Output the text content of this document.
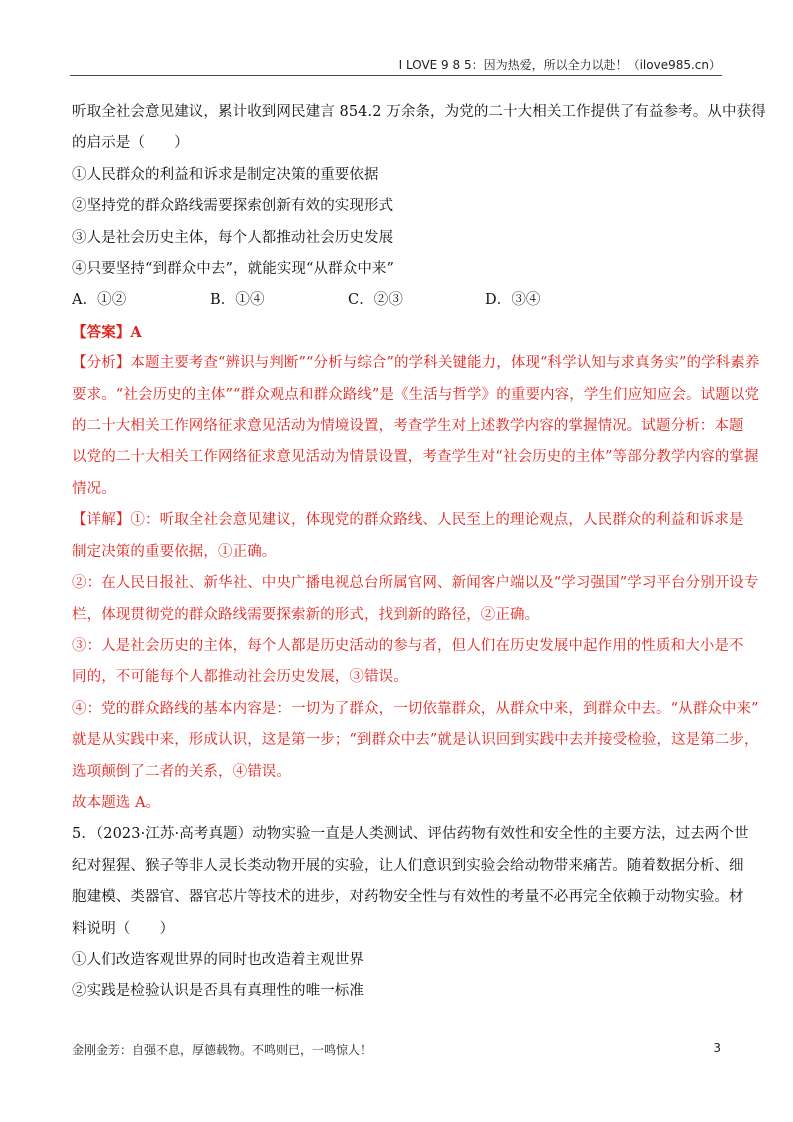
I LOVE 9 8 5：因为热爱，所以全力以赴！（ilove985.cn）
听取全社会意见建议，累计收到网民建言 854.2 万余条，为党的二十大相关工作提供了有益参考。从中获得
的启示是（　　）
①人民群众的利益和诉求是制定决策的重要依据
②坚持党的群众路线需要探索创新有效的实现形式
③人是社会历史主体，每个人都推动社会历史发展
④只要坚持“到群众中去”，就能实现“从群众中来”
A．①②	B．①④	C．②③	D．③④
【答案】A
【分析】本题主要考查“辨识与判断”“分析与综合”的学科关键能力，体现“科学认知与求真务实”的学科素养
要求。“社会历史的主体”“群众观点和群众路线”是《生活与哲学》的重要内容，学生们应知应会。试题以党
的二十大相关工作网络征求意见活动为情境设置，考查学生对上述教学内容的掌握情况。试题分析：本题
以党的二十大相关工作网络征求意见活动为情景设置，考查学生对“社会历史的主体”等部分教学内容的掌握
情况。
【详解】①：听取全社会意见建议，体现党的群众路线、人民至上的理论观点，人民群众的利益和诉求是
制定决策的重要依据，①正确。
②：在人民日报社、新华社、中央广播电视总台所属官网、新闻客户端以及“学习强国”学习平台分别开设专
栏，体现贯彻党的群众路线需要探索新的形式，找到新的路径，②正确。
③：人是社会历史的主体，每个人都是历史活动的参与者，但人们在历史发展中起作用的性质和大小是不
同的，不可能每个人都推动社会历史发展，③错误。
④：党的群众路线的基本内容是：一切为了群众，一切依靠群众，从群众中来，到群众中去。“从群众中来”
就是从实践中来，形成认识，这是第一步；“到群众中去”就是认识回到实践中去并接受检验，这是第二步，
选项颠倒了二者的关系，④错误。
故本题选 A。
5．（2023·江苏·高考真题）动物实验一直是人类测试、评估药物有效性和安全性的主要方法，过去两个世
纪对猩猩、猴子等非人灵长类动物开展的实验，让人们意识到实验会给动物带来痛苦。随着数据分析、细
胞建模、类器官、器官芯片等技术的进步，对药物安全性与有效性的考量不必再完全依赖于动物实验。材
料说明（　　）
①人们改造客观世界的同时也改造着主观世界
②实践是检验认识是否具有真理性的唯一标准
金刚金芳：自强不息，厚德载物。不鸣则已，一鸣惊人！	3
